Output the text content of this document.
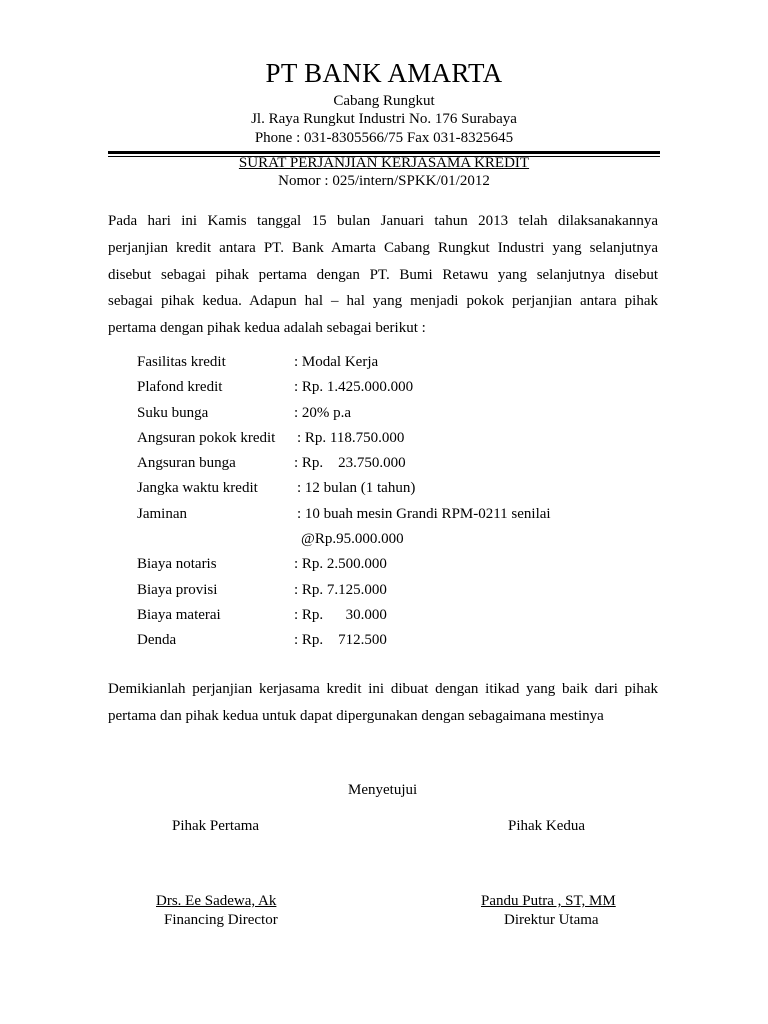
PT BANK AMARTA
Cabang Rungkut
Jl. Raya Rungkut Industri No. 176 Surabaya
Phone : 031-8305566/75 Fax 031-8325645
SURAT PERJANJIAN KERJASAMA KREDIT
Nomor : 025/intern/SPKK/01/2012
Pada hari ini Kamis tanggal 15 bulan Januari tahun 2013 telah dilaksanakannya
perjanjian kredit antara PT. Bank Amarta Cabang Rungkut Industri yang selanjutnya
disebut sebagai pihak pertama dengan PT. Bumi Retawu yang selanjutnya disebut
sebagai pihak kedua. Adapun hal – hal yang menjadi pokok perjanjian antara pihak
pertama dengan pihak kedua adalah sebagai berikut :
Fasilitas kredit	: Modal Kerja
Plafond kredit	: Rp. 1.425.000.000
Suku bunga	: 20% p.a
Angsuran pokok kredit : Rp. 118.750.000
Angsuran bunga	: Rp.    23.750.000
Jangka waktu kredit	: 12 bulan (1 tahun)
Jaminan	: 10 buah mesin Grandi RPM-0211 senilai
@Rp.95.000.000
Biaya notaris	: Rp. 2.500.000
Biaya provisi	: Rp. 7.125.000
Biaya materai	: Rp.      30.000
Denda	: Rp.    712.500
Demikianlah perjanjian kerjasama kredit ini dibuat dengan itikad yang baik dari pihak
pertama dan pihak kedua untuk dapat dipergunakan dengan sebagaimana mestinya
Menyetujui
Pihak Pertama	Pihak Kedua
Drs. Ee Sadewa, Ak
Financing Director
Pandu Putra , ST, MM
Direktur Utama
